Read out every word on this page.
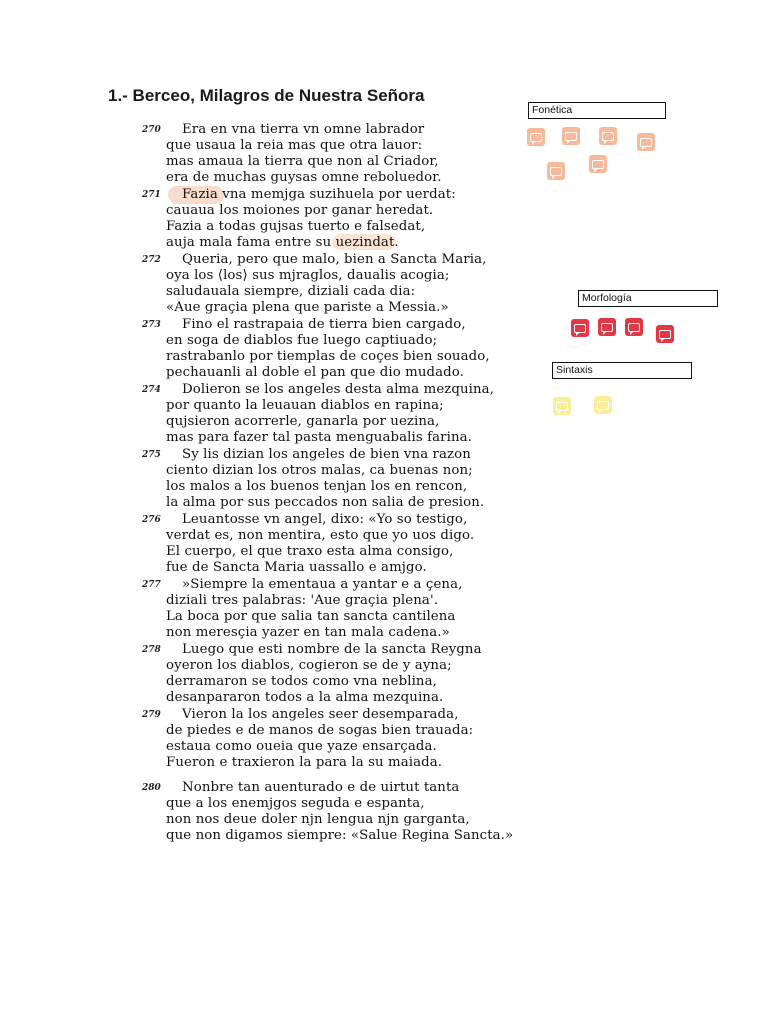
1.- Berceo, Milagros de Nuestra Señora
270 Era en vna tierra vn omne labrador
que usaua la reia mas que otra lauor:
mas amaua la tierra que non al Criador,
era de muchas guysas omne reboluedor.
271 Fazia vna memjga suzihuela por uerdat:
cauaua los moiones por ganar heredat.
Fazia a todas gujsas tuerto e falsedat,
auja mala fama entre su uezindat.
272 Queria, pero que malo, bien a Sancta Maria,
oya los ⟨los⟩ sus mjraglos, daualis acogia;
saludauala siempre, diziali cada dia:
«Aue graçia plena que pariste a Messia.»
273 Fino el rastrapaia de tierra bien cargado,
en soga de diablos fue luego captiuado;
rastrabanlo por tiemplas de coçes bien souado,
pechauanli al doble el pan que dio mudado.
274 Dolieron se los angeles desta alma mezquina,
por quanto la leuauan diablos en rapina;
qujsieron acorrerle, ganarla por uezina,
mas para fazer tal pasta menguabalis farina.
275 Sy lis dizian los angeles de bien vna razon
ciento dizian los otros malas, ca buenas non;
los malos a los buenos tenjan los en rencon,
la alma por sus peccados non salia de presion.
276 Leuantosse vn angel, dixo: «Yo so testigo,
verdat es, non mentira, esto que yo uos digo.
El cuerpo, el que traxo esta alma consigo,
fue de Sancta Maria uassallo e amjgo.
277 »Siempre la ementaua a yantar e a çena,
diziali tres palabras: 'Aue graçia plena'.
La boca por que salia tan sancta cantilena
non meresçia yazer en tan mala cadena.»
278 Luego que esti nombre de la sancta Reygna
oyeron los diablos, cogieron se de y ayna;
derramaron se todos como vna neblina,
desanpararon todos a la alma mezquina.
279 Vieron la los angeles seer desemparada,
de piedes e de manos de sogas bien trauada:
estaua como oueia que yaze ensarçada.
Fueron e traxieron la para la su maiada.
280 Nonbre tan auenturado e de uirtut tanta
que a los enemjgos seguda e espanta,
non nos deue doler njn lengua njn garganta,
que non digamos siempre: «Salue Regina Sancta.»
Fonética
Morfología
Sintaxis
